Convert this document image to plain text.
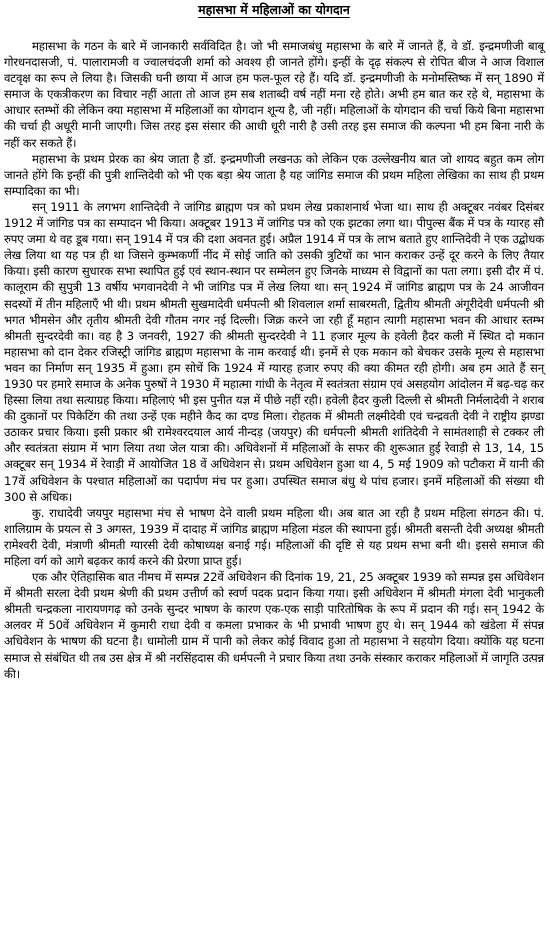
महासभा में महिलाओं का योगदान

महासभा के गठन के बारे में जानकारी सर्वविदित है। जो भी समाजबंधु महासभा के बारे में जानते हैं, वे डॉ. इन्द्रमणीजी बाबू गोरधनदासजी, पं. पालारामजी व ज्वालचंदजी शर्मा को अवश्य ही जानते होंगे। इन्हीं के दृढ़ संकल्प से रोपित बीज ने आज विशाल वटवृक्ष का रूप ले लिया है। जिसकी घनी छाया में आज हम फल-फूल रहे हैं। यदि डॉ. इन्द्रमणीजी के मनोमस्तिष्क में सन् 1890 में समाज के एकत्रीकरण का विचार नहीं आता तो आज हम सब शताब्दी वर्ष नहीं मना रहे होते। अभी हम बात कर रहे थे, महासभा के आधार स्तम्भों की लेकिन क्या महासभा में महिलाओं का योगदान शून्य है, जी नहीं। महिलाओं के योगदान की चर्चा किये बिना महासभा की चर्चा ही अधूरी मानी जाएगी। जिस तरह इस संसार की आधी धूरी नारी है उसी तरह इस समाज की कल्पना भी हम बिना नारी के नहीं कर सकते हैं।

महासभा के प्रथम प्रेरक का श्रेय जाता है डॉ. इन्द्रमणीजी लखनऊ को लेकिन एक उल्लेखनीय बात जो शायद बहुत कम लोग जानते होंगे कि इन्हीं की पुत्री शान्तिदेवी को भी एक बड़ा श्रेय जाता है यह जांगिड समाज की प्रथम महिला लेखिका का साथ ही प्रथम सम्पादिका का भी।

सन् 1911 के लगभग शान्तिदेवी ने जांगिड ब्राह्मण पत्र को प्रथम लेख प्रकाशनार्थ भेजा था। साथ ही अक्टूबर नवंबर दिसंबर 1912 में जांगिड पत्र का सम्पादन भी किया। अक्टूबर 1913 में जांगिड पत्र को एक झटका लगा था। पीपुल्स बैंक में पत्र के ग्यारह सौ रुपए जमा थे वह डूब गया। सन् 1914 में पत्र की दशा अवनत हुई। अप्रैल 1914 में पत्र के लाभ बताते हुए शान्तिदेवी ने एक उद्बोधक लेख लिया था यह पत्र ही था जिसने कुम्भकर्णी नींद में सोई जाति को उसकी त्रुटियों का भान कराकर उन्हें दूर करने के लिए तैयार किया। इसी कारण सुधारक सभा स्थापित हुई एवं स्थान-स्थान पर सम्मेलन हुए जिनके माध्यम से विद्वानों का पता लगा। इसी दौर में पं. कालूराम की सुपुत्री 13 वर्षीय भगवानदेवी ने भी जांगिड पत्र में लेख लिया था। सन् 1924 में जांगिड ब्राह्मण पत्र के 24 आजीवन सदस्यों में तीन महिलाएँ भी थी। प्रथम श्रीमती सुखमादेवी धर्मपत्नी श्री शिवलाल शर्मा साबरमती, द्वितीय श्रीमती अंगूरीदेवी धर्मपत्नी श्री भगत भीमसेन और तृतीय श्रीमती देवी गौतम नगर नई दिल्ली। जिक्र करने जा रही हूँ महान त्यागी महासभा भवन की आधार स्तम्भ श्रीमती सुन्दरदेवी का। वह है 3 जनवरी, 1927 की श्रीमती सुन्दरदेवी ने 11 हजार मूल्य के हवेली हैदर कली में स्थित दो मकान महासभा को दान देकर रजिस्ट्री जांगिड ब्राह्मण महासभा के नाम करवाई थी। इनमें से एक मकान को बेचकर उसके मूल्य से महासभा भवन का निर्माण सन् 1935 में हुआ। हम सोचें कि 1924 में ग्यारह हजार रुपए की क्या कीमत रही होगी। अब हम आते हैं सन् 1930 पर हमारे समाज के अनेक पुरुषों ने 1930 में महात्मा गांधी के नेतृत्व में स्वतंत्रता संग्राम एवं असहयोग आंदोलन में बढ़-चढ़ कर हिस्सा लिया तथा सत्याग्रह किया। महिलाएं भी इस पुनीत यज्ञ में पीछे नहीं रही। हवेली हैदर कुली दिल्ली से श्रीमती निर्मलादेवी ने शराब की दुकानों पर पिकेटिंग की तथा उन्हें एक महीने कैद का दण्ड मिला। रोहतक में श्रीमती लक्ष्मीदेवी एवं चन्द्रवती देवी ने राष्ट्रीय झण्डा उठाकर प्रचार किया। इसी प्रकार श्री रामेश्वरदयाल आर्य नीन्दड़ (जयपुर) की धर्मपत्नी श्रीमती शांतिदेवी ने सामंतशाही से टक्कर ली और स्वतंत्रता संग्राम में भाग लिया तथा जेल यात्रा की। अधिवेशनों में महिलाओं के सफर की शुरूआत हुई रेवाड़ी से 13, 14, 15 अक्टूबर सन् 1934 में रेवाड़ी में आयोजित 18 वें अधिवेशन से। प्रथम अधिवेशन हुआ था 4, 5 मई 1909 को पटौकरा में यानी की 17वें अधिवेशन के पश्चात महिलाओं का पदार्पण मंच पर हुआ। उपस्थित समाज बंधु थे पांच हजार। इनमें महिलाओं की संख्या थी 300 से अधिक।

कु. राधादेवी जयपुर महासभा मंच से भाषण देने वाली प्रथम महिला थी। अब बात आ रही है प्रथम महिला संगठन की। पं. शालिग्राम के प्रयत्न से 3 अगस्त, 1939 में दादाह में जांगिड ब्राह्मण महिला मंडल की स्थापना हुई। श्रीमती बसन्ती देवी अध्यक्ष श्रीमती रामेश्वरी देवी, मंत्राणी श्रीमती ग्यारसी देवी कोषाध्यक्ष बनाई गई। महिलाओं की दृष्टि से यह प्रथम सभा बनी थी। इससे समाज की महिला वर्ग को आगे बढ़कर कार्य करने की प्रेरणा प्राप्त हुई।

एक और ऐतिहासिक बात नीमच में सम्पन्न 22वें अधिवेशन की दिनांक 19, 21, 25 अक्टूबर 1939 को सम्पन्न इस अधिवेशन में श्रीमती सरला देवी प्रथम श्रेणी की प्रथम उत्तीर्ण को स्वर्ण पदक प्रदान किया गया। इसी अधिवेशन में श्रीमती मंगला देवी भानुकली श्रीमती चन्द्रकला नारायणगढ़ को उनके सुन्दर भाषण के कारण एक-एक साड़ी पारितोषिक के रूप में प्रदान की गई। सन् 1942 के अलवर में 50वें अधिवेशन में कुमारी राधा देवी व कमला प्रभाकर के भी प्रभावी भाषण हुए थे। सन् 1944 को खंडेला में संपन्न अधिवेशन के भाषण की घटना है। धामोली ग्राम में पानी को लेकर कोई विवाद हुआ तो महासभा ने सहयोग दिया। क्योंकि यह घटना समाज से संबंधित थी तब उस क्षेत्र में श्री नरसिंहदास की धर्मपत्नी ने प्रचार किया तथा उनके संस्कार कराकर महिलाओं में जागृति उत्पन्न की।
